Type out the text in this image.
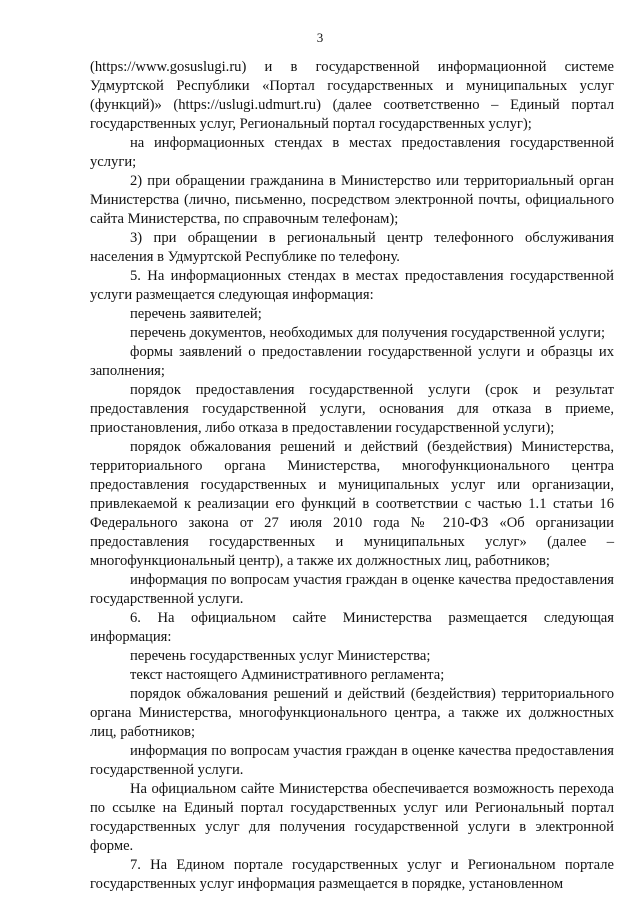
3

(https://www.gosuslugi.ru) и в государственной информационной системе Удмуртской Республики «Портал государственных и муниципальных услуг (функций)» (https://uslugi.udmurt.ru) (далее соответственно – Единый портал государственных услуг, Региональный портал государственных услуг);

на информационных стендах в местах предоставления государственной услуги;

2) при обращении гражданина в Министерство или территориальный орган Министерства (лично, письменно, посредством электронной почты, официального сайта Министерства, по справочным телефонам);

3) при обращении в региональный центр телефонного обслуживания населения в Удмуртской Республике по телефону.

5. На информационных стендах в местах предоставления государственной услуги размещается следующая информация:

перечень заявителей;

перечень документов, необходимых для получения государственной услуги;

формы заявлений о предоставлении государственной услуги и образцы их заполнения;

порядок предоставления государственной услуги (срок и результат предоставления государственной услуги, основания для отказа в приеме, приостановления, либо отказа в предоставлении государственной услуги);

порядок обжалования решений и действий (бездействия) Министерства, территориального органа Министерства, многофункционального центра предоставления государственных и муниципальных услуг или организации, привлекаемой к реализации его функций в соответствии с частью 1.1 статьи 16 Федерального закона от 27 июля 2010 года № 210-ФЗ «Об организации предоставления государственных и муниципальных услуг» (далее – многофункциональный центр), а также их должностных лиц, работников;

информация по вопросам участия граждан в оценке качества предоставления государственной услуги.

6. На официальном сайте Министерства размещается следующая информация:

перечень государственных услуг Министерства;

текст настоящего Административного регламента;

порядок обжалования решений и действий (бездействия) территориального органа Министерства, многофункционального центра, а также их должностных лиц, работников;

информация по вопросам участия граждан в оценке качества предоставления государственной услуги.

На официальном сайте Министерства обеспечивается возможность перехода по ссылке на Единый портал государственных услуг или Региональный портал государственных услуг для получения государственной услуги в электронной форме.

7. На Едином портале государственных услуг и Региональном портале государственных услуг информация размещается в порядке, установленном
